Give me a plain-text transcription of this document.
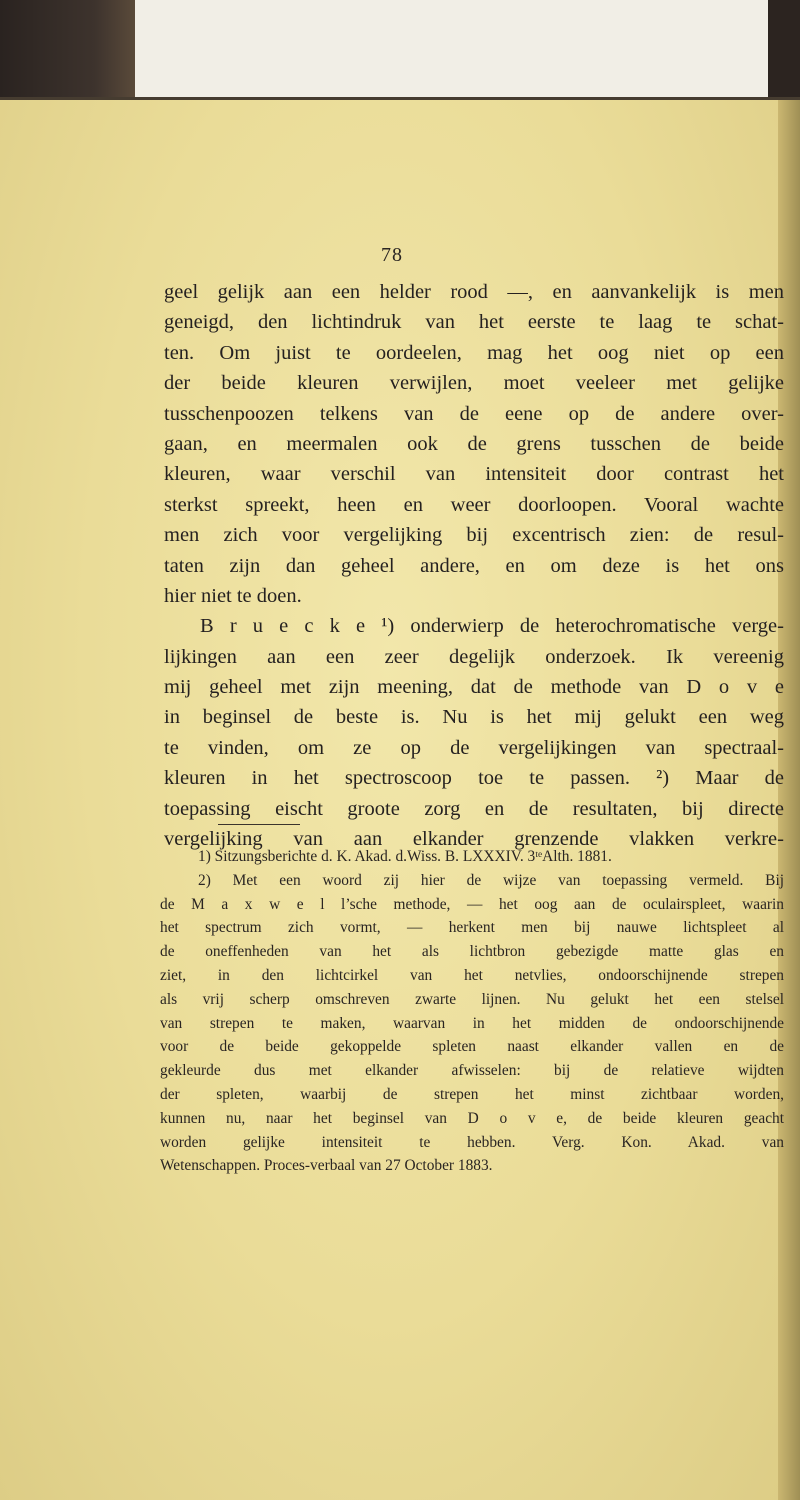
78
geel gelijk aan een helder rood —, en aanvankelijk is men
geneigd, den lichtindruk van het eerste te laag te schat-
ten. Om juist te oordeelen, mag het oog niet op een
der beide kleuren verwijlen, moet veeleer met gelijke
tusschenpoozen telkens van de eene op de andere over-
gaan, en meermalen ook de grens tusschen de beide
kleuren, waar verschil van intensiteit door contrast het
sterkst spreekt, heen en weer doorloopen. Vooral wachte
men zich voor vergelijking bij excentrisch zien: de resul-
taten zijn dan geheel andere, en om deze is het ons
hier niet te doen.
B r u e c k e ¹) onderwierp de heterochromatische verge-
lijkingen aan een zeer degelijk onderzoek. Ik vereenig
mij geheel met zijn meening, dat de methode van D o v e
in beginsel de beste is. Nu is het mij gelukt een weg
te vinden, om ze op de vergelijkingen van spectraal-
kleuren in het spectroscoop toe te passen. ²) Maar de
toepassing eischt groote zorg en de resultaten, bij directe
vergelijking van aan elkander grenzende vlakken verkre-
1) Sitzungsberichte d. K. Akad. d.Wiss. B. LXXXIV. 3ᵗᵉAlth. 1881.
2) Met een woord zij hier de wijze van toepassing vermeld. Bij
de M a x w e l l’sche methode, — het oog aan de oculairspleet, waarin
het spectrum zich vormt, — herkent men bij nauwe lichtspleet al
de oneffenheden van het als lichtbron gebezigde matte glas en
ziet, in den lichtcirkel van het netvlies, ondoorschijnende strepen
als vrij scherp omschreven zwarte lijnen. Nu gelukt het een stelsel
van strepen te maken, waarvan in het midden de ondoorschijnende
voor de beide gekoppelde spleten naast elkander vallen en de
gekleurde dus met elkander afwisselen: bij de relatieve wijdten
der spleten, waarbij de strepen het minst zichtbaar worden,
kunnen nu, naar het beginsel van D o v e, de beide kleuren geacht
worden gelijke intensiteit te hebben. Verg. Kon. Akad. van
Wetenschappen. Proces-verbaal van 27 October 1883.
